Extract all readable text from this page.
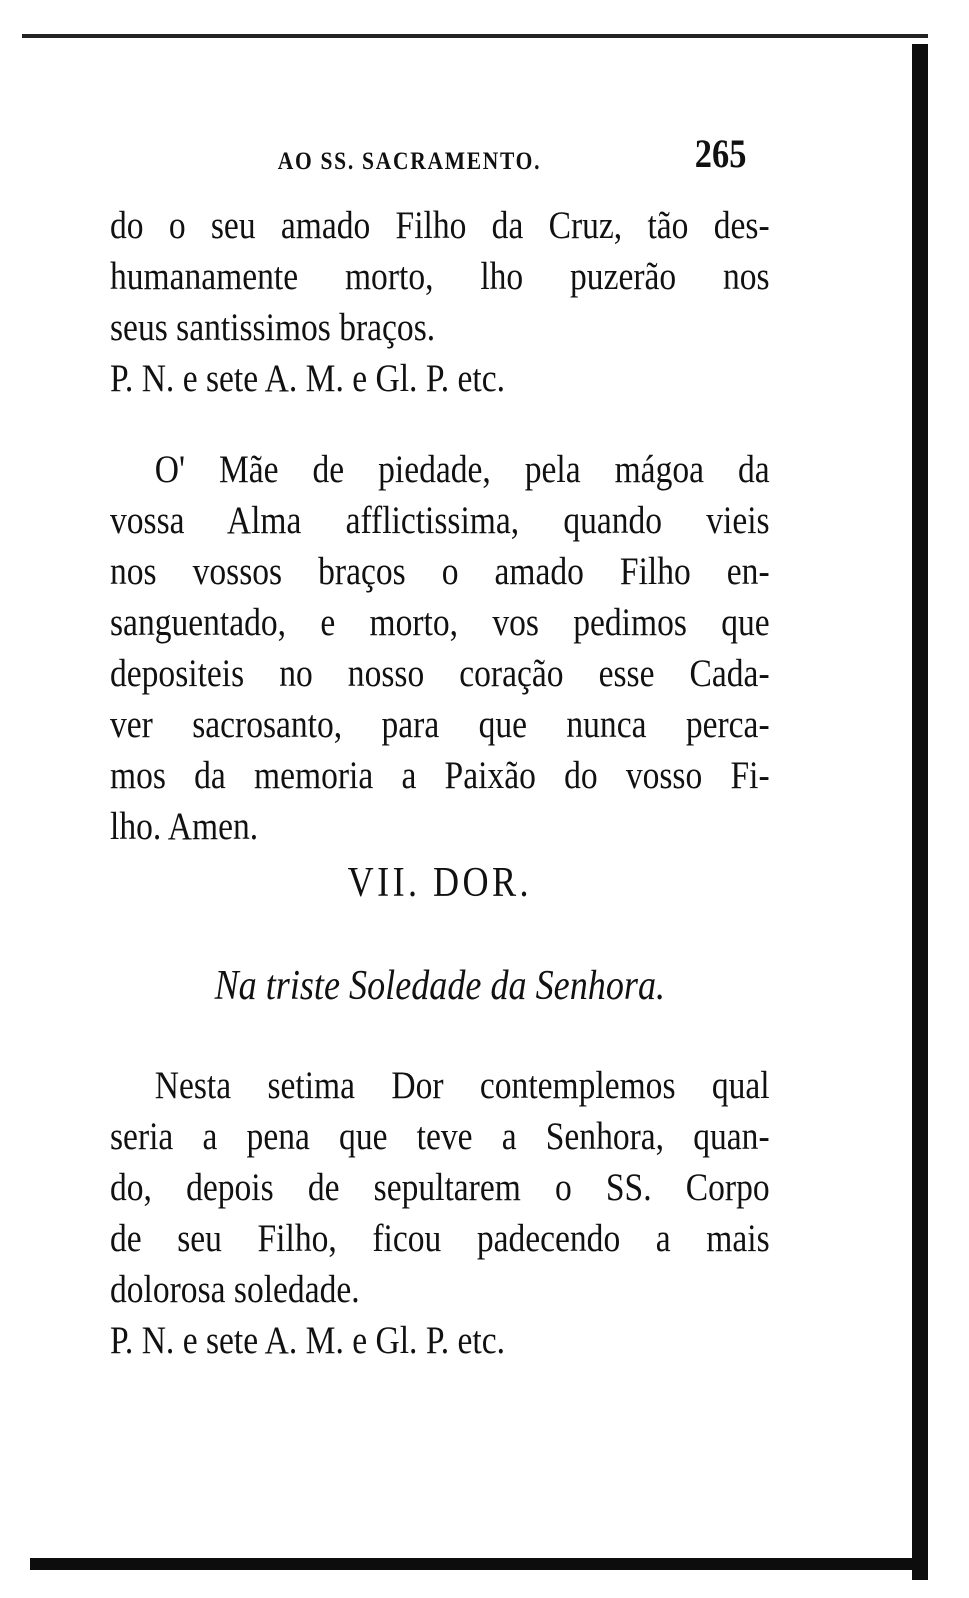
AO SS. SACRAMENTO.	265
do o seu amado Filho da Cruz, tão des-
humanamente morto, lho puzerão nos
seus santissimos braços.
P. N. e sete A. M. e Gl. P. etc.
O' Mãe de piedade, pela mágoa da
vossa Alma afflictissima, quando vieis
nos vossos braços o amado Filho en-
sanguentado, e morto, vos pedimos que
depositeis no nosso coração esse Cada-
ver sacrosanto, para que nunca perca-
mos da memoria a Paixão do vosso Fi-
lho. Amen.

VII. DOR.

Na triste Soledade da Senhora.

Nesta setima Dor contemplemos qual
seria a pena que teve a Senhora, quan-
do, depois de sepultarem o SS. Corpo
de seu Filho, ficou padecendo a mais
dolorosa soledade.
P. N. e sete A. M. e Gl. P. etc.
